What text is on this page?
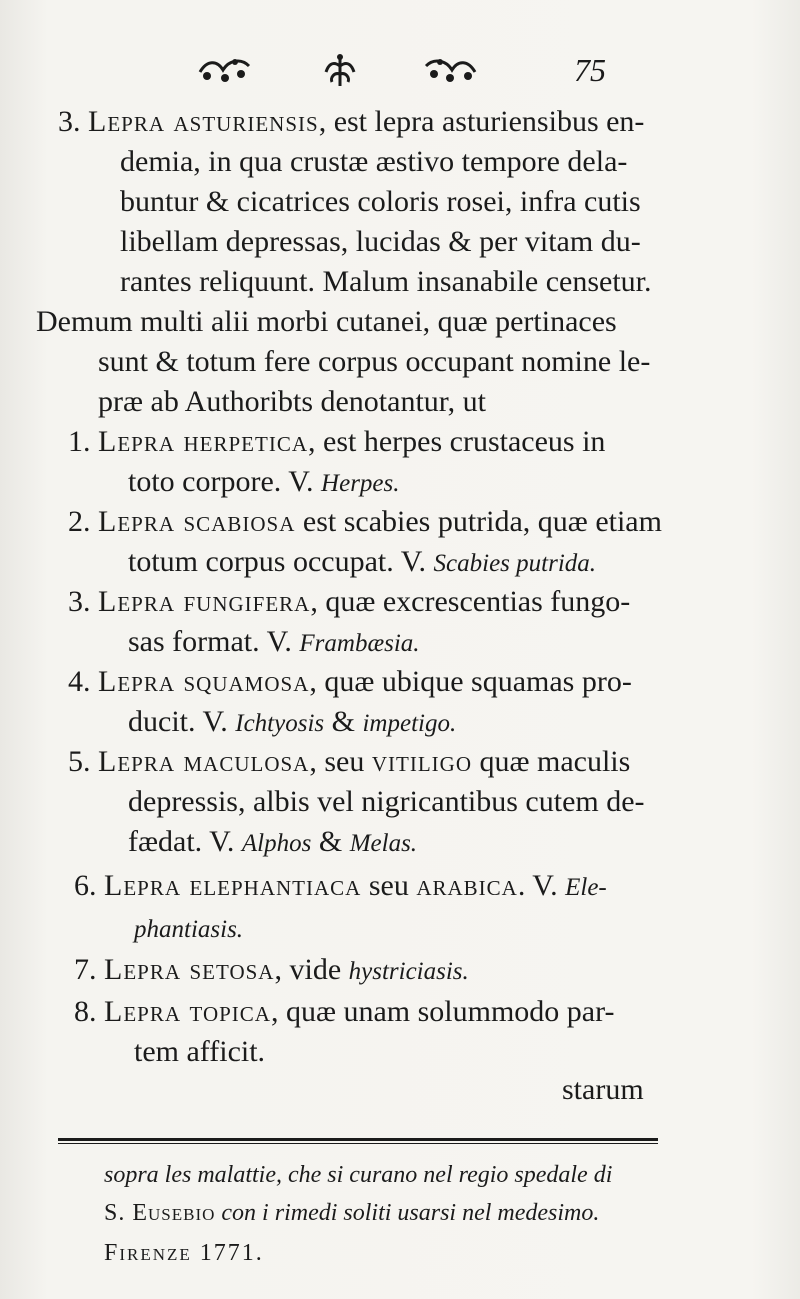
75
3. Lepra asturiensis, est lepra asturiensibus en-
demia, in qua crustæ æstivo tempore dela-
buntur & cicatrices coloris rosei, infra cutis
libellam depressas, lucidas & per vitam du-
rantes reliquunt. Malum insanabile censetur.
Demum multi alii morbi cutanei, quæ pertinaces
sunt & totum fere corpus occupant nomine le-
præ ab Authoribts denotantur, ut
1. Lepra herpetica, est herpes crustaceus in
toto corpore. V. Herpes.
2. Lepra scabiosa est scabies putrida, quæ etiam
totum corpus occupat. V. Scabies putrida.
3. Lepra fungifera, quæ excrescentias fungo-
sas format. V. Frambæsia.
4. Lepra squamosa, quæ ubique squamas pro-
ducit. V. Ichtyosis & impetigo.
5. Lepra maculosa, seu vitiligo quæ maculis
depressis, albis vel nigricantibus cutem de-
fædat. V. Alphos & Melas.
6. Lepra elephantiaca seu arabica. V. Ele-
phantiasis.
7. Lepra setosa, vide hystriciasis.
8. Lepra topica, quæ unam solummodo par-
tem afficit.
starum
sopra les malattie, che si curano nel regio spedale di
S. Eusebio con i rimedi soliti usarsi nel medesimo.
Firenze 1771.
